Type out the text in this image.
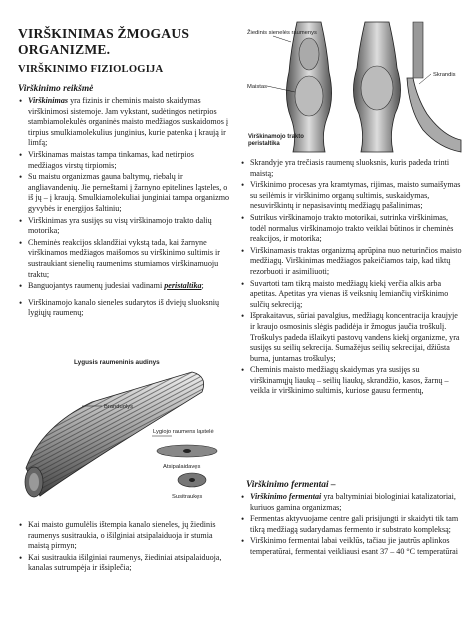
VIRŠKINIMAS ŽMOGAUS ORGANIZME.
VIRŠKINIMO FIZIOLOGIJA
Virškinimo reikšmė
• Virškinimas yra fizinis ir cheminis maisto skaidymas virškinimosi sistemoje. Jam vykstant, sudėtingos netirpios stambiamolekulės organinės maisto medžiagos suskaidomos į tirpius smulkiamolekulius junginius, kurie patenka į kraują ir limfą;
• Virškinamas maistas tampa tinkamas, kad netirpios medžiagos virstų tirpiomis;
• Su maistu organizmas gauna baltymų, riebalų ir angliavandenių. Jie perneštami į žarnyno epitelines ląsteles, o iš jų – į kraują. Smulkiamolekuliai junginiai tampa organizmo gyvybės ir energijos šaltiniu;
• Virškinimas yra susijęs su visų virškinamojo trakto dalių motorika;
• Cheminės reakcijos sklandžiai vykstą tada, kai žarnyne virškinamos medžiagos maišomos su virškinimo sultimis ir sustraukiant sienelių raumenims stumiamos virškinamuoju traktu;
• Banguojantys raumenų judesiai vadinami peristaltika;
• Virškinamojo kanalo sieneles sudarytos iš dviejų sluoksnių lygiųjų raumenų;
Lygusis raumeninis audinys
Branduolys
Lygiojo raumens ląstelė
Atsipalaidavęs
Susitraukęs
• Kai maisto gumulėlis ištempia kanalo sieneles, jų žiedinis raumenys susitraukia, o išilginiai atsipalaiduoja ir stumia maistą pirmyn;
• Kai susitraukia išilginiai raumenys, žiediniai atsipalaiduoja, kanalas sutrumpėja ir išsiplečia;
Žiedinis sienelės raumenys
Maistas
Skrandis
Virškinamojo trakto peristaltika
• Skrandyje yra trečiasis raumenų sluoksnis, kuris padeda trinti maistą;
• Virškinimo procesas yra kramtymas, rijimas, maisto sumaišymas su seilėmis ir virškinimo organų sultimis, suskaidymas, nesuvirškintų ir nepasisavintų medžiagų pašalinimas;
• Sutrikus virškinamojo trakto motorikai, sutrinka virškinimas, todėl normalus virškinamojo trakto veiklai būtinos ir cheminės reakcijos, ir motorika;
• Virškinamasis traktas organizmą aprūpina nuo neturinčios maisto medžiagų. Virškinimas medžiagos pakeičiamos taip, kad tiktų rezorbuoti ir asimiliuoti;
• Suvartoti tam tikrą maisto medžiagų kiekį verčia alkis arba apetitas. Apetitas yra vienas iš veiksnių lemiančių virškinimo sulčių sekreciją;
• Išprakaitavus, sūriai pavalgius, medžiagų koncentracija kraujyje ir kraujo osmosinis slėgis padidėja ir žmogus jaučia troškulį. Troškulys padeda išlaikyti pastovų vandens kiekį organizme, yra susijęs su seilių sekrecija. Sumažėjus seilių sekrecijai, džiūsta burna, juntamas troškulys;
• Cheminis maisto medžiagų skaidymas yra susijęs su virškinamųjų liaukų – seilių liaukų, skrandžio, kasos, žarnų – veikla ir virškinimo sultimis, kuriose gausu fermentų,
Virškinimo fermentai –
• Virškinimo fermentai yra baltyminiai biologiniai katalizatoriai, kuriuos gamina organizmas;
• Fermentas aktyvuojame centre gali prisijungti ir skaidyti tik tam tikrą medžiagą sudarydamas fermento ir substrato kompleksą;
• Virškinimo fermentai labai veiklūs, tačiau jie jautrūs aplinkos temperatūrai, fermentai veikliausi esant 37 – 40 °C temperatūrai
